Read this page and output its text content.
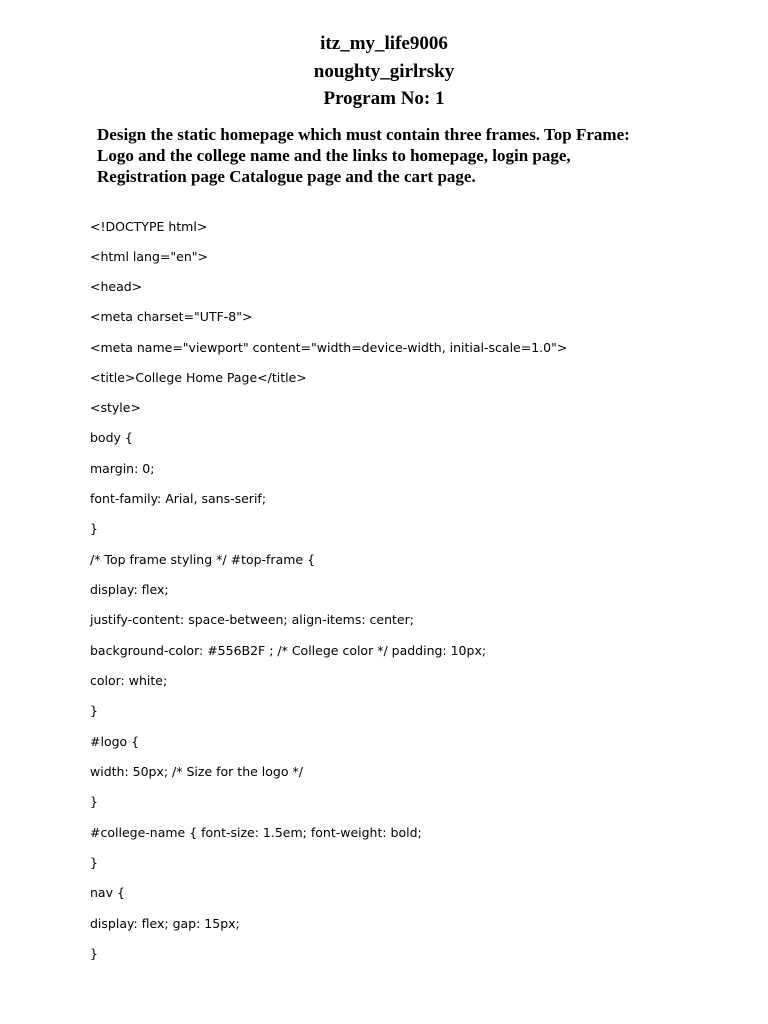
itz_my_life9006
noughty_girlrsky
Program No: 1
Design the static homepage which must contain three frames. Top Frame:
Logo and the college name and the links to homepage, login page,
Registration page Catalogue page and the cart page.
<!DOCTYPE html>
<html lang="en">
<head>
<meta charset="UTF-8">
<meta name="viewport" content="width=device-width, initial-scale=1.0">
<title>College Home Page</title>
<style>
body {
margin: 0;
font-family: Arial, sans-serif;
}
/* Top frame styling */ #top-frame {
display: flex;
justify-content: space-between; align-items: center;
background-color: #556B2F ; /* College color */ padding: 10px;
color: white;
}
#logo {
width: 50px; /* Size for the logo */
}
#college-name { font-size: 1.5em; font-weight: bold;
}
nav {
display: flex; gap: 15px;
}
